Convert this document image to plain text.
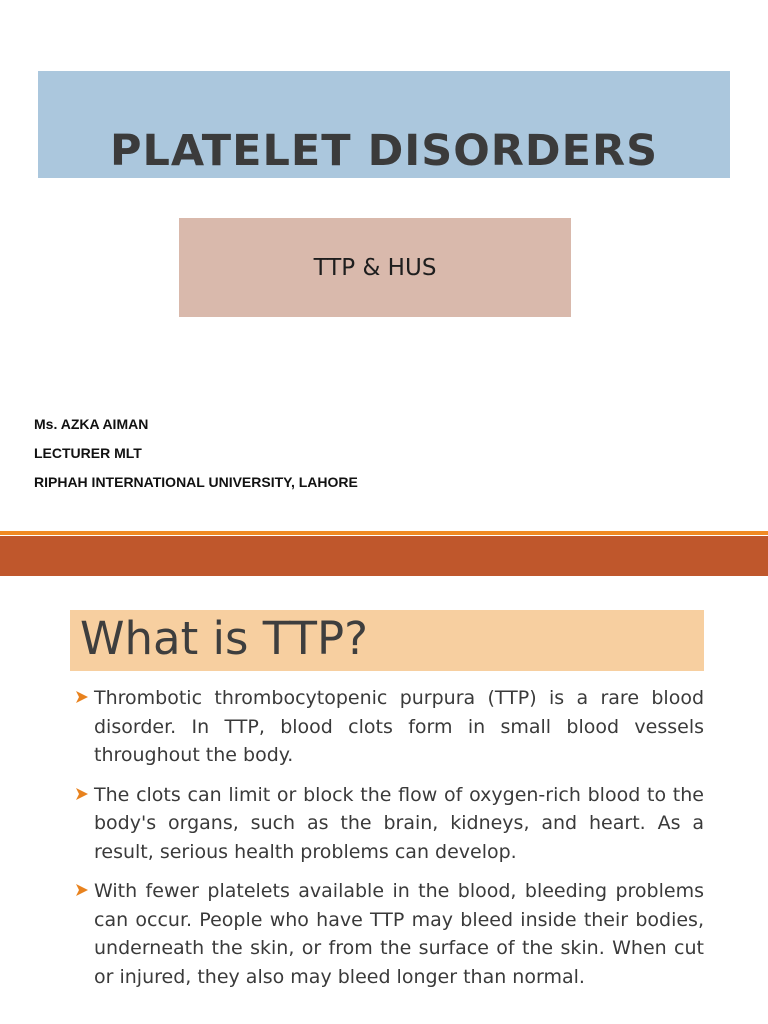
PLATELET DISORDERS
TTP & HUS
Ms. AZKA AIMAN
LECTURER MLT
RIPHAH INTERNATIONAL UNIVERSITY, LAHORE
What is TTP?
Thrombotic thrombocytopenic purpura (TTP) is a rare blood disorder. In TTP, blood clots form in small blood vessels throughout the body.
The clots can limit or block the flow of oxygen-rich blood to the body's organs, such as the brain, kidneys, and heart. As a result, serious health problems can develop.
With fewer platelets available in the blood, bleeding problems can occur. People who have TTP may bleed inside their bodies, underneath the skin, or from the surface of the skin. When cut or injured, they also may bleed longer than normal.
